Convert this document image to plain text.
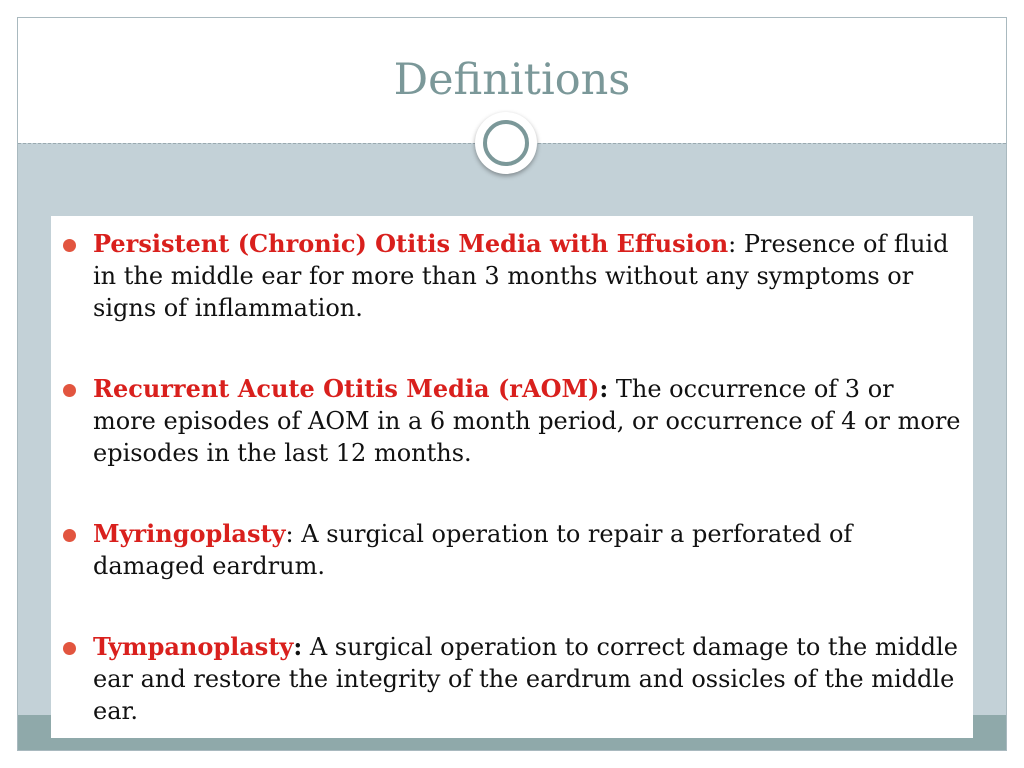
Definitions
Persistent (Chronic) Otitis Media with Effusion: Presence of fluid in the middle ear for more than 3 months without any symptoms or signs of inflammation.
Recurrent Acute Otitis Media (rAOM): The occurrence of 3 or more episodes of AOM in a 6 month period, or occurrence of 4 or more episodes in the last 12 months.
Myringoplasty: A surgical operation to repair a perforated of damaged eardrum.
Tympanoplasty: A surgical operation to correct damage to the middle ear and restore the integrity of the eardrum and ossicles of the middle ear.
